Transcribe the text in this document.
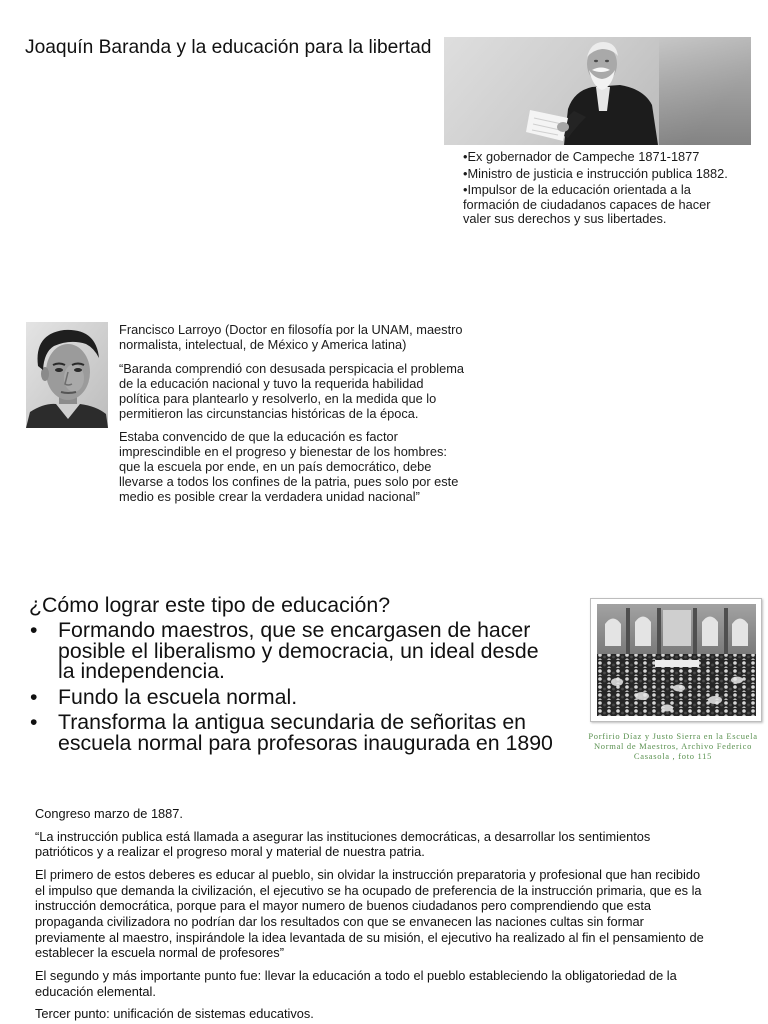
Joaquín Baranda y la educación para la libertad
•Ex gobernador de Campeche 1871-1877
•Ministro de justicia e instrucción publica 1882.
•Impulsor de la educación orientada a la
formación de ciudadanos capaces de hacer
valer sus derechos y sus libertades.
Francisco Larroyo (Doctor en filosofía por la UNAM, maestro
normalista, intelectual, de México y America latina)
“Baranda comprendió con desusada perspicacia el problema
de la educación nacional y tuvo la requerida habilidad
política para plantearlo y resolverlo, en la medida que lo
permitieron las circunstancias históricas de la época.
Estaba convencido de que la educación es factor
imprescindible en el progreso y bienestar de los hombres:
que la escuela por ende, en un país democrático, debe
llevarse a todos los confines de la patria, pues solo por este
medio es posible crear la verdadera unidad nacional”
¿Cómo lograr este tipo de educación?
• Formando maestros, que se encargasen de hacer
posible el liberalismo y democracia, un ideal desde
la independencia.
• Fundo la escuela normal.
• Transforma la antigua secundaria de señoritas en
escuela normal para profesoras inaugurada en 1890	Porfirio Díaz y Justo Sierra en la Escuela
Normal de Maestros, Archivo Federico
Casasola , foto 115
Congreso marzo de 1887.
“La instrucción publica está llamada a asegurar las instituciones democráticas, a desarrollar los sentimientos
patrióticos y a realizar el progreso moral y material de nuestra patria.
El primero de estos deberes es educar al pueblo, sin olvidar la instrucción preparatoria y profesional que han recibido
el impulso que demanda la civilización, el ejecutivo se ha ocupado de preferencia de la instrucción primaria, que es la
instrucción democrática, porque para el mayor numero de buenos ciudadanos pero comprendiendo que esta
propaganda civilizadora no podrían dar los resultados con que se envanecen las naciones cultas sin formar
previamente al maestro, inspirándole la idea levantada de su misión, el ejecutivo ha realizado al fin el pensamiento de
establecer la escuela normal de profesores”
El segundo y más importante punto fue: llevar la educación a todo el pueblo estableciendo la obligatoriedad de la
educación elemental.
Tercer punto: unificación de sistemas educativos.
